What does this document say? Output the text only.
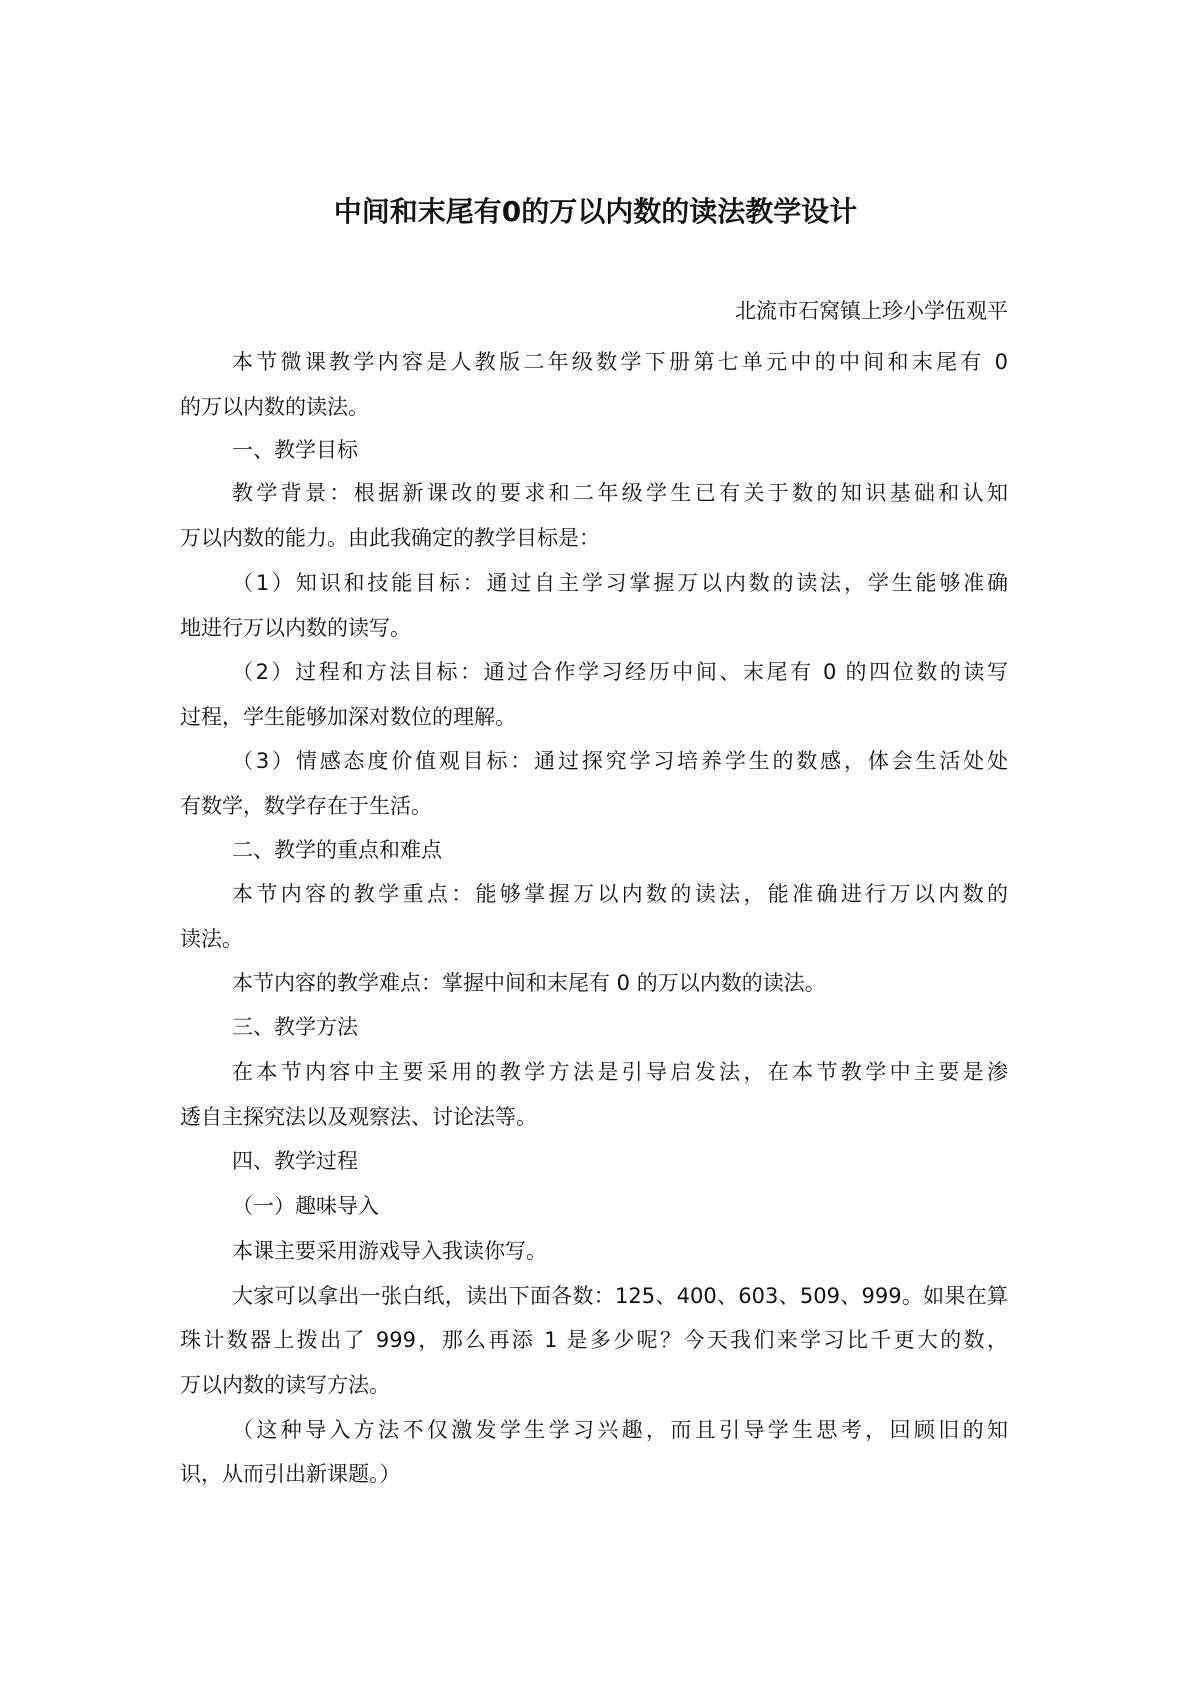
中间和末尾有0的万以内数的读法教学设计
北流市石窝镇上珍小学伍观平
本节微课教学内容是人教版二年级数学下册第七单元中的中间和末尾有 0
的万以内数的读法。
一、教学目标
教学背景：根据新课改的要求和二年级学生已有关于数的知识基础和认知
万以内数的能力。由此我确定的教学目标是：
（1）知识和技能目标：通过自主学习掌握万以内数的读法，学生能够准确
地进行万以内数的读写。
（2）过程和方法目标：通过合作学习经历中间、末尾有 0 的四位数的读写
过程，学生能够加深对数位的理解。
（3）情感态度价值观目标：通过探究学习培养学生的数感，体会生活处处
有数学，数学存在于生活。
二、教学的重点和难点
本节内容的教学重点：能够掌握万以内数的读法，能准确进行万以内数的
读法。
本节内容的教学难点：掌握中间和末尾有 0 的万以内数的读法。
三、教学方法
在本节内容中主要采用的教学方法是引导启发法，在本节教学中主要是渗
透自主探究法以及观察法、讨论法等。
四、教学过程
（一）趣味导入
本课主要采用游戏导入我读你写。
大家可以拿出一张白纸，读出下面各数：125、400、603、509、999。如果在算
珠计数器上拨出了 999，那么再添 1 是多少呢？今天我们来学习比千更大的数，
万以内数的读写方法。
（这种导入方法不仅激发学生学习兴趣，而且引导学生思考，回顾旧的知
识，从而引出新课题。）
